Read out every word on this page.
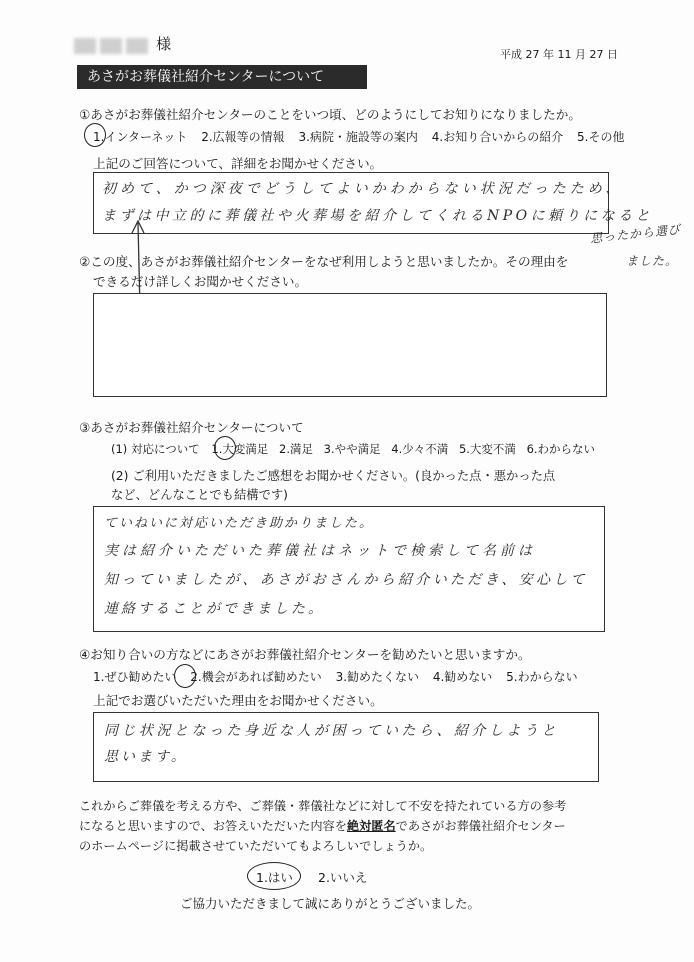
様
平成 27 年 11 月 27 日
あさがお葬儀社紹介センターについて
①あさがお葬儀社紹介センターのことをいつ頃、どのようにしてお知りになりましたか。
1.インターネット 2.広報等の情報 3.病院・施設等の案内 4.お知り合いからの紹介 5.その他
上記のご回答について、詳細をお聞かせください。
初めて、かつ深夜でどうしてよいかわからない状況だったため、
まずは中立的に葬儀社や火葬場を紹介してくれるNPOに頼りになると
思ったから選び
ました。
②この度、あさがお葬儀社紹介センターをなぜ利用しようと思いましたか。その理由を
できるだけ詳しくお聞かせください。
③あさがお葬儀社紹介センターについて
(1) 対応について 1.大変満足 2.満足 3.やや満足 4.少々不満 5.大変不満 6.わからない
(2) ご利用いただきましたご感想をお聞かせください。(良かった点・悪かった点
など、どんなことでも結構です)
ていねいに対応いただき助かりました。
実は紹介いただいた葬儀社はネットで検索して名前は
知っていましたが、あさがおさんから紹介いただき、安心して
連絡することができました。
④お知り合いの方などにあさがお葬儀社紹介センターを勧めたいと思いますか。
1.ぜひ勧めたい 2.機会があれば勧めたい 3.勧めたくない 4.勧めない 5.わからない
上記でお選びいただいた理由をお聞かせください。
同じ状況となった身近な人が困っていたら、紹介しようと
思います。
これからご葬儀を考える方や、ご葬儀・葬儀社などに対して不安を持たれている方の参考
になると思いますので、お答えいただいた内容を絶対匿名であさがお葬儀社紹介センター
のホームページに掲載させていただいてもよろしいでしょうか。
1.はい 2.いいえ
ご協力いただきまして誠にありがとうございました。
